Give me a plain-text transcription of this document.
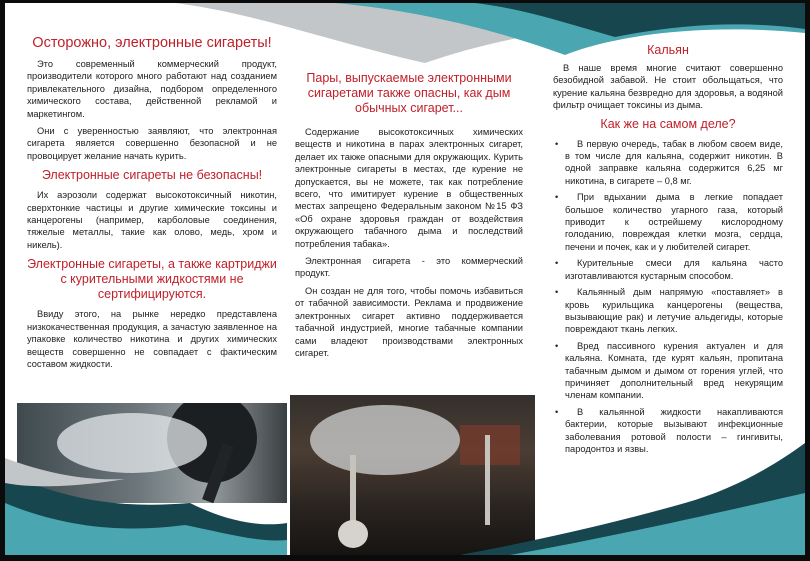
Осторожно, электронные сигареты!

Это современный коммерческий продукт, производители которого много работают над созданием привлекательного дизайна, подбором определенного химического состава, действенной рекламой и маркетингом.

Они с уверенностью заявляют, что электронная сигарета является совершенно безопасной и не провоцирует желание начать курить.

Электронные сигареты не безопасны!

Их аэрозоли содержат высокотоксичный никотин, сверхтонкие частицы и другие химические токсины и канцерогены (например, карболовые соединения, тяжелые металлы, такие как олово, медь, хром и никель).

Электронные сигареты, а также картриджи с курительными жидкостями не сертифицируются.

Ввиду этого, на рынке нередко представлена низкокачественная продукция, а зачастую заявленное на упаковке количество никотина и других химических веществ совершенно не совпадает с фактическим составом жидкости.

Пары, выпускаемые электронными сигаретами также опасны, как дым обычных сигарет...

Содержание высокотоксичных химических веществ и никотина в парах электронных сигарет, делает их также опасными для окружающих. Курить электронные сигареты в местах, где курение не допускается, вы не можете, так как потребление всего, что имитирует курение в общественных местах запрещено Федеральным законом №15 ФЗ «Об охране здоровья граждан от воздействия окружающего табачного дыма и последствий потребления табака».

Электронная сигарета - это коммерческий продукт.

Он создан не для того, чтобы помочь избавиться от табачной зависимости. Реклама и продвижение электронных сигарет активно поддерживается табачной индустрией, многие табачные компании сами владеют производствами электронных сигарет.

Кальян

В наше время многие считают совершенно безобидной забавой. Не стоит обольщаться, что курение кальяна безвредно для здоровья, а водяной фильтр очищает токсины из дыма.

Как же на самом деле?
• В первую очередь, табак в любом своем виде, в том числе для кальяна, содержит никотин. В одной заправке кальяна содержится 6,25 мг никотина, в сигарете – 0,8 мг.
• При вдыхании дыма в легкие попадает большое количество угарного газа, который приводит к острейшему кислородному голоданию, повреждая клетки мозга, сердца, печени и почек, как и у любителей сигарет.
• Курительные смеси для кальяна часто изготавливаются кустарным способом.
• Кальянный дым напрямую «поставляет» в кровь курильщика канцерогены (вещества, вызывающие рак) и летучие альдегиды, которые повреждают ткань легких.
• Вред пассивного курения актуален и для кальяна. Комната, где курят кальян, пропитана табачным дымом и дымом от горения углей, что причиняет дополнительный вред некурящим членам компании.
• В кальянной жидкости накапливаются бактерии, которые вызывают инфекционные заболевания ротовой полости – гингивиты, пародонтоз и язвы.
